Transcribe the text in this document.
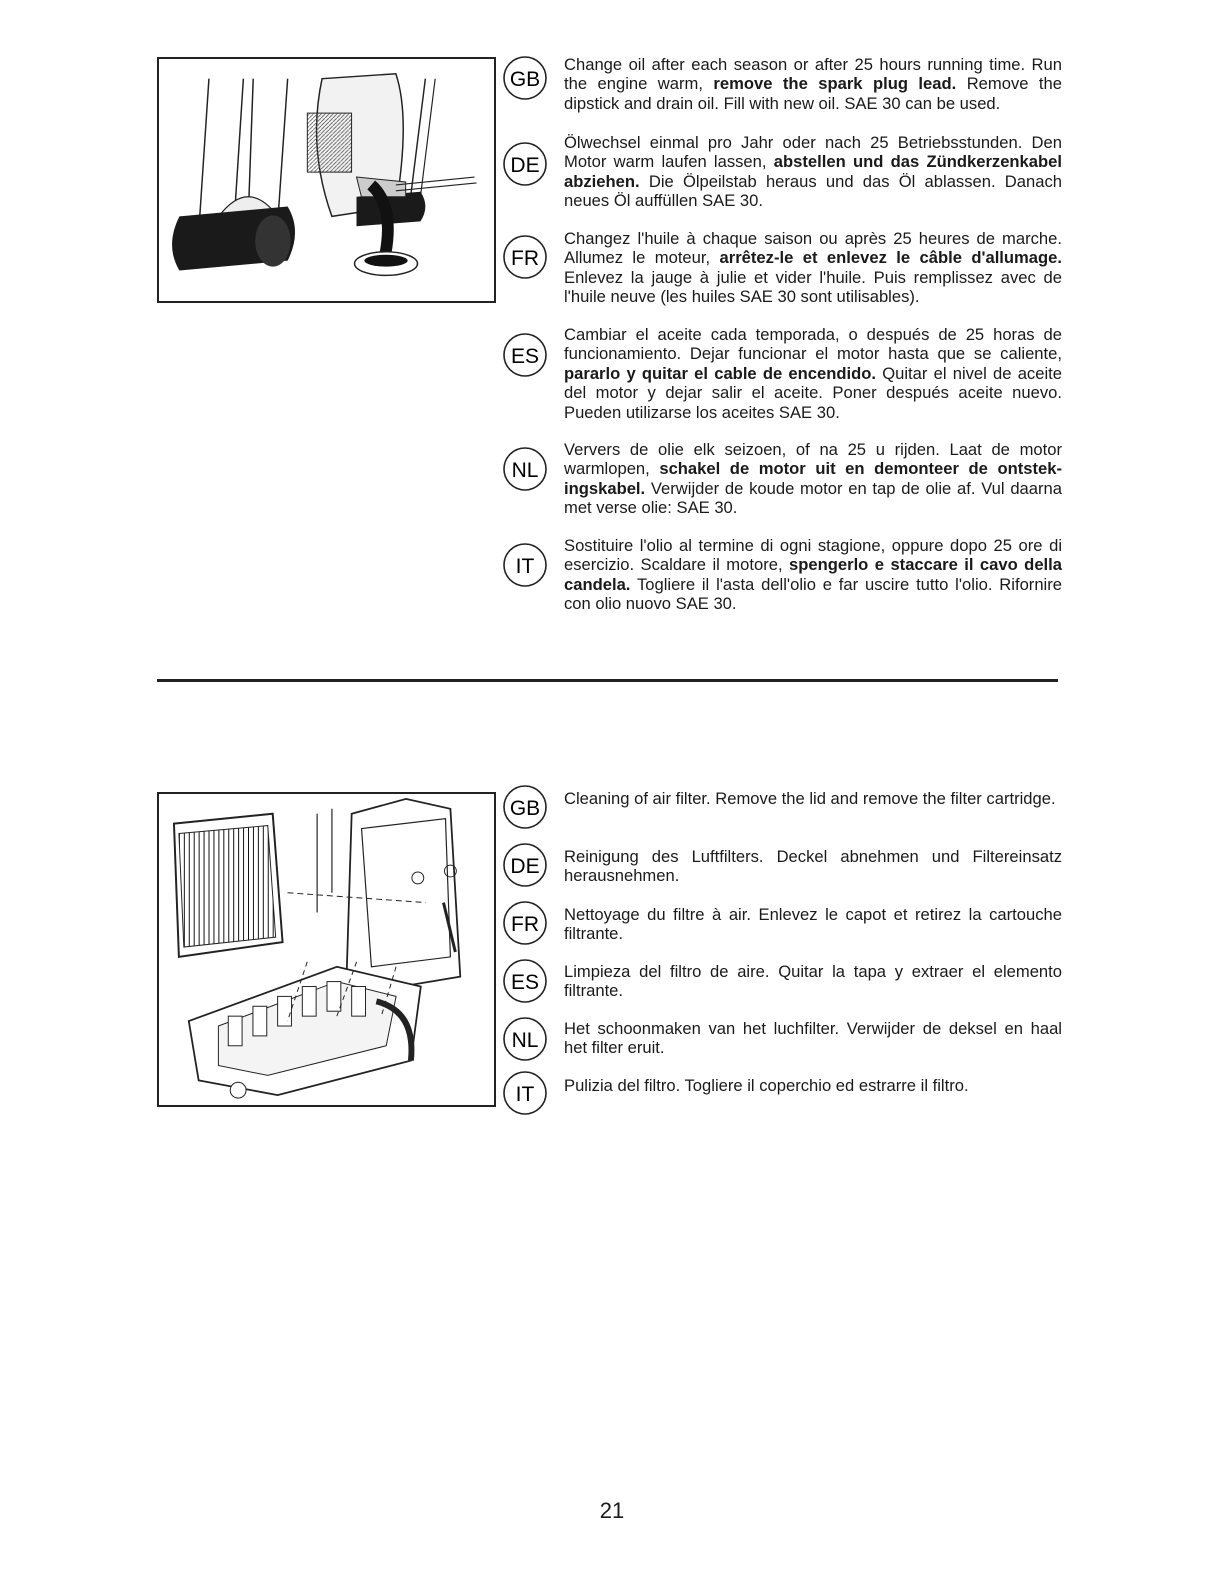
GB
Change oil after each season or after 25 hours running time. Run the engine warm, remove the spark plug lead. Remove the dipstick and drain oil. Fill with new oil. SAE 30 can be used.
DE
Ölwechsel einmal pro Jahr oder nach 25 Betriebsstunden. Den Motor warm laufen lassen, abstellen und das Zündkerzenkabel abziehen. Die Ölpeilstab heraus und das Öl ablassen. Danach neues Öl auffüllen SAE 30.
FR
Changez l'huile à chaque saison ou après 25 heures de marche. Allumez le moteur, arrêtez-le et enlevez le câble d'allumage. Enlevez la jauge à julie et vider l'huile. Puis remplissez avec de l'huile neuve (les huiles SAE 30 sont utilisables).
ES
Cambiar el aceite cada temporada, o después de 25 horas de funcionamiento. Dejar funcionar el motor hasta que se caliente, pararlo y quitar el cable de encendido. Quitar el nivel de aceite del motor y dejar salir el aceite. Poner después aceite nuevo. Pueden utilizarse los aceites SAE 30.
NL
Ververs de olie elk seizoen, of na 25 u rijden. Laat de motor warmlopen, schakel de motor uit en demonteer de ontstek-ingskabel. Verwijder de koude motor en tap de olie af. Vul daarna met verse olie: SAE 30.
IT
Sostituire l'olio al termine di ogni stagione, oppure dopo 25 ore di esercizio. Scaldare il motore, spengerlo e staccare il cavo della candela. Togliere il l'asta dell'olio e far uscire tutto l'olio. Rifornire con olio nuovo SAE 30.
GB Cleaning of air filter. Remove the lid and remove the filter cartridge.
DE Reinigung des Luftfilters. Deckel abnehmen und Filtereinsatz herausnehmen.
FR Nettoyage du filtre à air. Enlevez le capot et retirez la cartouche filtrante.
ES Limpieza del filtro de aire. Quitar la tapa y extraer el elemento filtrante.
NL
Het schoonmaken van het luchfilter. Verwijder de deksel en haal het filter eruit.
IT Pulizia del filtro. Togliere il coperchio ed estrarre il filtro.
21
